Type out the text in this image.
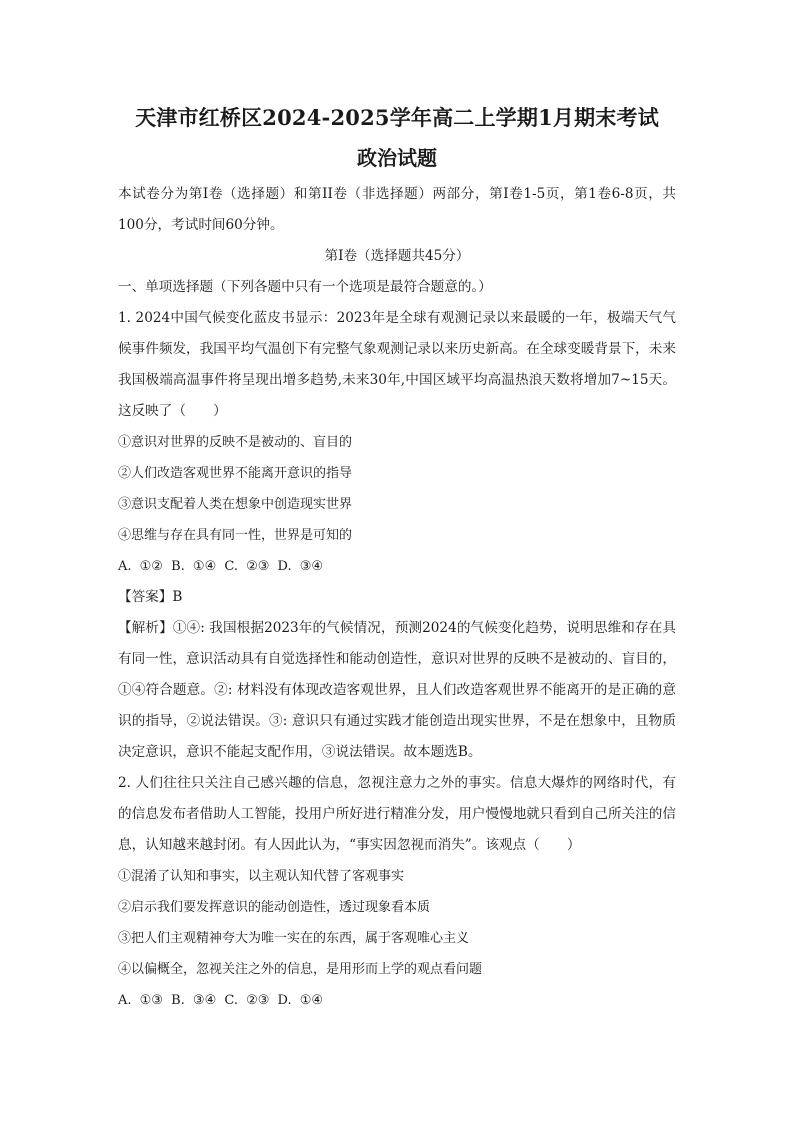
天津市红桥区2024-2025学年高二上学期1月期末考试
政治试题

本试卷分为第I卷（选择题）和第II卷（非选择题）两部分，第I卷1-5页，第1卷6-8页，共100分，考试时间60分钟。

第I卷（选择题共45分）

一、单项选择题（下列各题中只有一个选项是最符合题意的。）

1. 2024中国气候变化蓝皮书显示：2023年是全球有观测记录以来最暖的一年，极端天气气候事件频发，我国平均气温创下有完整气象观测记录以来历史新高。在全球变暖背景下，未来我国极端高温事件将呈现出增多趋势,未来30年,中国区域平均高温热浪天数将增加7~15天。这反映了（　　）

①意识对世界的反映不是被动的、盲目的

②人们改造客观世界不能离开意识的指导

③意识支配着人类在想象中创造现实世界

④思维与存在具有同一性，世界是可知的

A. ①② B. ①④ C. ②③ D. ③④

【答案】B

【解析】①④: 我国根据2023年的气候情况，预测2024的气候变化趋势，说明思维和存在具有同一性，意识活动具有自觉选择性和能动创造性，意识对世界的反映不是被动的、盲目的，①④符合题意。②: 材料没有体现改造客观世界，且人们改造客观世界不能离开的是正确的意识的指导，②说法错误。③: 意识只有通过实践才能创造出现实世界，不是在想象中，且物质决定意识，意识不能起支配作用，③说法错误。故本题选B。

2. 人们往往只关注自己感兴趣的信息，忽视注意力之外的事实。信息大爆炸的网络时代，有的信息发布者借助人工智能，投用户所好进行精准分发，用户慢慢地就只看到自己所关注的信息，认知越来越封闭。有人因此认为，“事实因忽视而消失”。该观点（　　）

①混淆了认知和事实，以主观认知代替了客观事实

②启示我们要发挥意识的能动创造性，透过现象看本质

③把人们主观精神夸大为唯一实在的东西，属于客观唯心主义

④以偏概全，忽视关注之外的信息，是用形而上学的观点看问题

A. ①③ B. ③④ C. ②③ D. ①④
